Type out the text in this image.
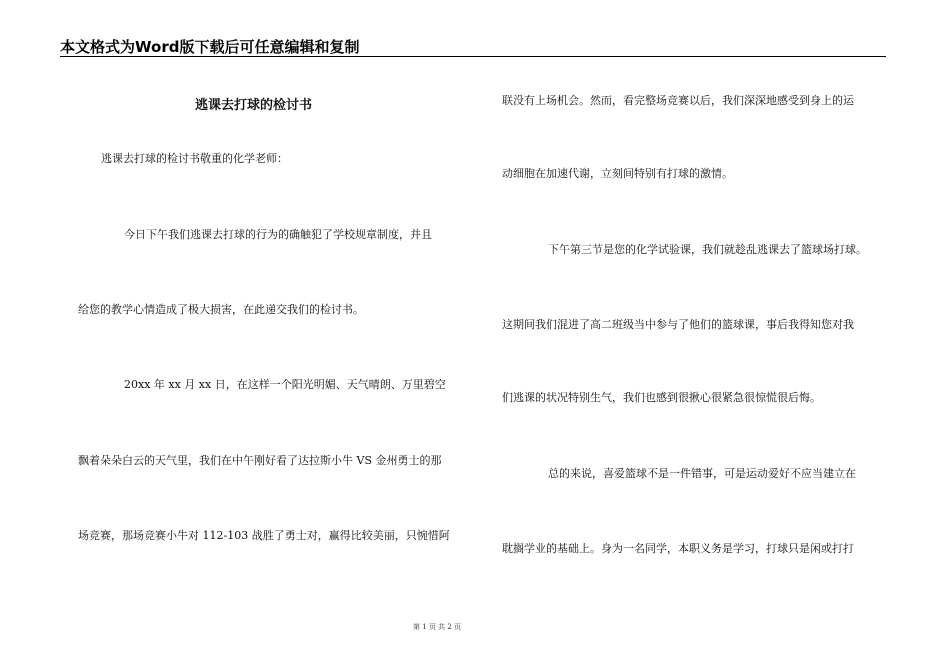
本文格式为Word版下载后可任意编辑和复制
逃课去打球的检讨书
逃课去打球的检讨书敬重的化学老师：
今日下午我们逃课去打球的行为的确触犯了学校规章制度，并且
给您的教学心情造成了极大损害，在此递交我们的检讨书。
20xx 年 xx 月 xx 日，在这样一个阳光明媚、天气晴朗、万里碧空
飘着朵朵白云的天气里，我们在中午刚好看了达拉斯小牛 VS 金州勇士的那
场竞赛，那场竞赛小牛对 112-103 战胜了勇士对，赢得比较美丽，只惋惜阿
联没有上场机会。然而，看完整场竞赛以后，我们深深地感受到身上的运
动细胞在加速代谢，立刻间特别有打球的激情。
下午第三节是您的化学试验课，我们就趁乱逃课去了篮球场打球。
这期间我们混进了高二班级当中参与了他们的篮球课，事后我得知您对我
们逃课的状况特别生气，我们也感到很揪心很紧急很惊慌很后悔。
总的来说，喜爱篮球不是一件错事，可是运动爱好不应当建立在
耽搁学业的基础上。身为一名同学，本职义务是学习，打球只是闲或打打
第 1 页 共 2 页
